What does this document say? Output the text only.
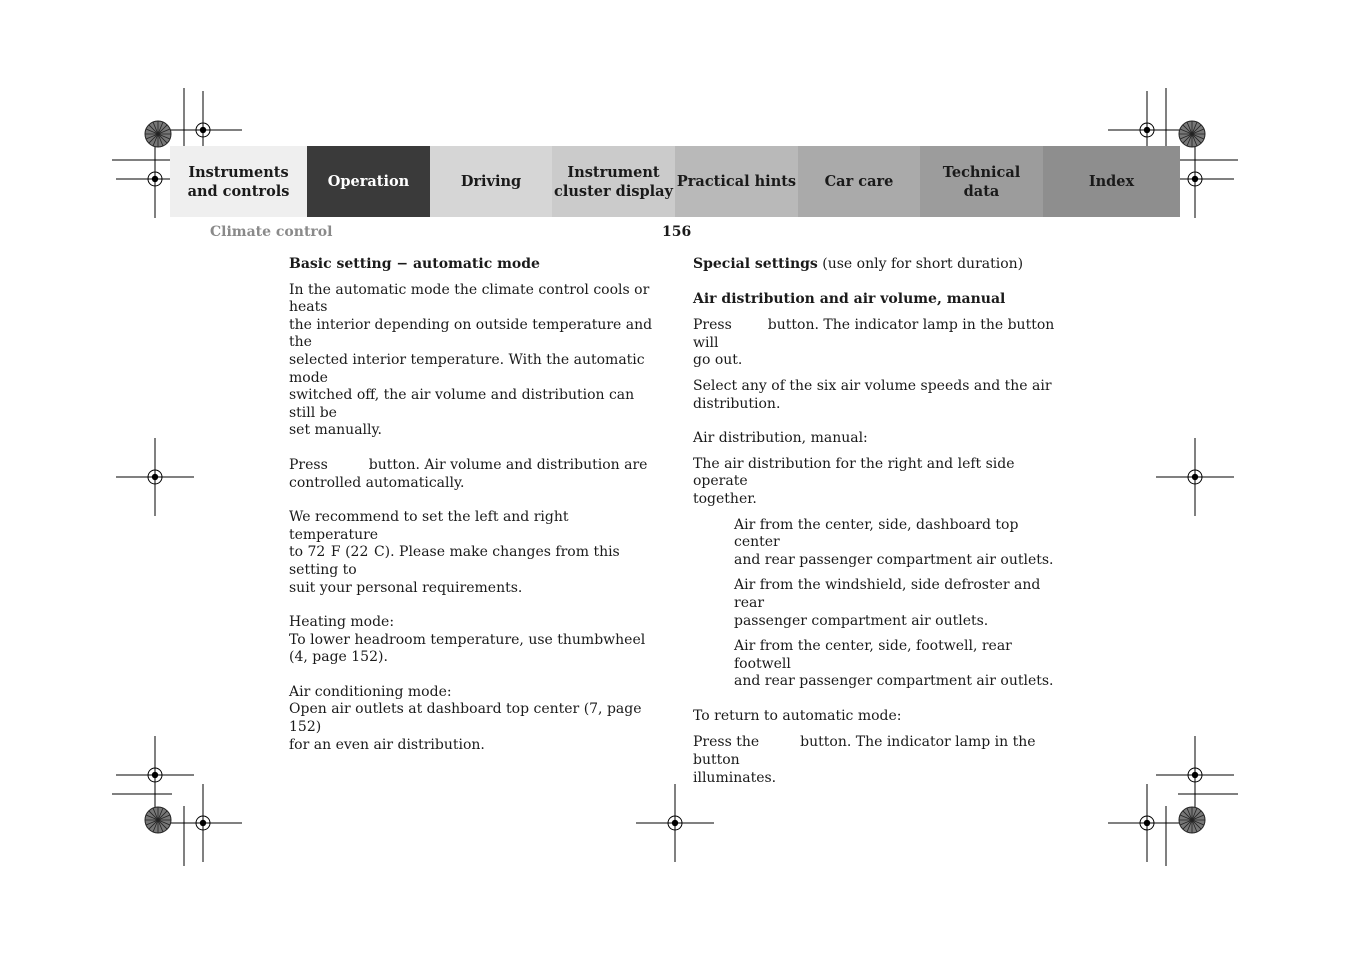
Instruments
and controls
Operation	Driving
Instrument
cluster display
Practical hints Car care
Technical
data
Index
Climate control	156
Basic setting − automatic mode

In the automatic mode the climate control cools or heats
the interior depending on outside temperature and the
selected interior temperature. With the automatic mode
switched off, the air volume and distribution can still be
set manually.

Press	button. Air volume and distribution are
controlled automatically.

We recommend to set the left and right temperature
to 72  F (22  C). Please make changes from this setting to
suit your personal requirements.

Heating mode:
To lower headroom temperature, use thumbwheel
(4, page 152).

Air conditioning mode:
Open air outlets at dashboard top center (7, page 152)
for an even air distribution.

Special settings (use only for short duration)

Air distribution and air volume, manual

Press	button. The indicator lamp in the button will
go out.

Select any of the six air volume speeds and the air
distribution.

Air distribution, manual:

The air distribution for the right and left side operate
together.

Air from the center, side, dashboard top center
and rear passenger compartment air outlets.

Air from the windshield, side defroster and rear
passenger compartment air outlets.

Air from the center, side, footwell, rear footwell
and rear passenger compartment air outlets.

To return to automatic mode:

Press the	button. The indicator lamp in the button
illuminates.
